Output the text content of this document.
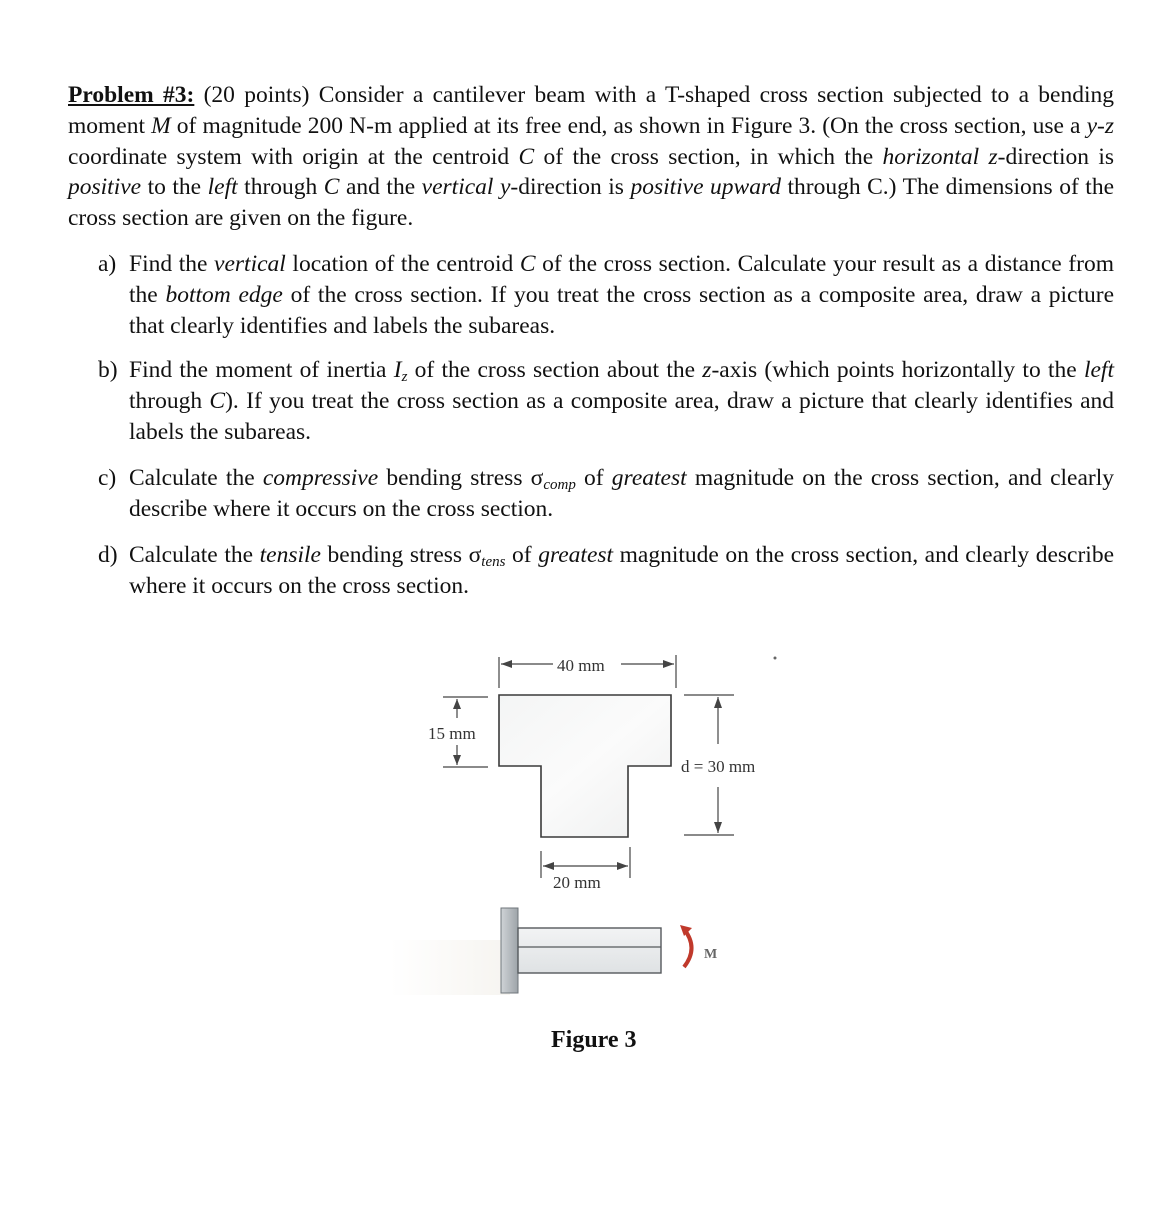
Problem #3: (20 points) Consider a cantilever beam with a T-shaped cross section subjected to a bending moment M of magnitude 200 N-m applied at its free end, as shown in Figure 3. (On the cross section, use a y-z coordinate system with origin at the centroid C of the cross section, in which the horizontal z-direction is positive to the left through C and the vertical y-direction is positive upward through C.) The dimensions of the cross section are given on the figure.
a) Find the vertical location of the centroid C of the cross section. Calculate your result as a distance from the bottom edge of the cross section. If you treat the cross section as a composite area, draw a picture that clearly identifies and labels the subareas.
b) Find the moment of inertia $I_z$ of the cross section about the z-axis (which points horizontally to the left through C). If you treat the cross section as a composite area, draw a picture that clearly identifies and labels the subareas.
c) Calculate the compressive bending stress $\sigma_{comp}$ of greatest magnitude on the cross section, and clearly describe where it occurs on the cross section.
d) Calculate the tensile bending stress $\sigma_{tens}$ of greatest magnitude on the cross section, and clearly describe where it occurs on the cross section.
40 mm
15 mm
d = 30 mm
20 mm
M
Figure 3
